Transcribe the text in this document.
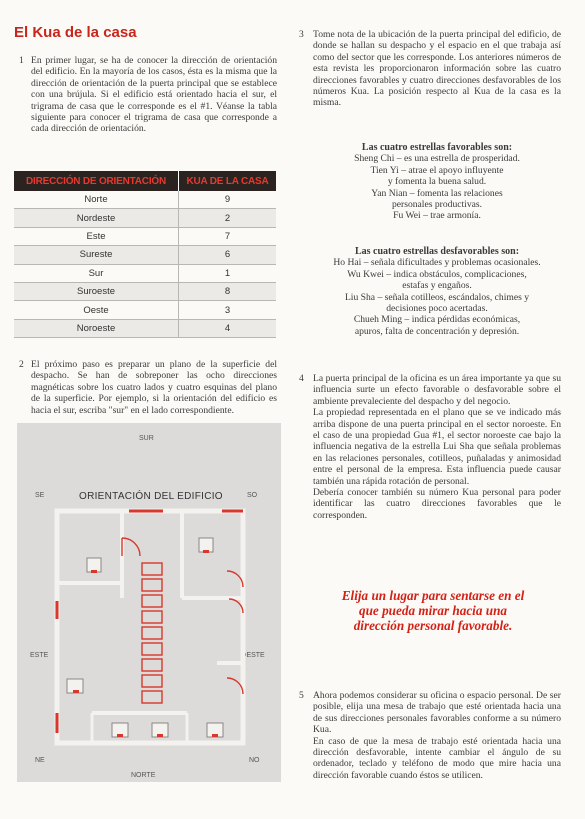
El Kua de la casa
1 En primer lugar, se ha de conocer la dirección de orientación del edificio. En la mayoría de los casos, ésta es la misma que la dirección de orientación de la puerta principal que se establece con una brújula. Si el edificio está orientado hacia el sur, el trigrama de casa que le corresponde es el #1. Véanse la tabla siguiente para conocer el trigrama de casa que corresponde a cada dirección de orientación.

DIRECCIÓN DE ORIENTACIÓN	KUA DE LA CASA
Norte	9
Nordeste	2
Este	7
Sureste	6
Sur	1
Suroeste	8
Oeste	3
Noroeste	4
2 El próximo paso es preparar un plano de la superficie del despacho. Se han de sobreponer las ocho direcciones magnéticas sobre los cuatro lados y cuatro esquinas del plano de la superficie. Por ejemplo, si la orientación del edificio es hacia el sur, escriba "sur" en el lado correspondiente.

SUR
SE	SO
ESTE	OESTE
NE	NO
NORTE
ORIENTACIÓN DEL EDIFICIO
3 Tome nota de la ubicación de la puerta principal del edificio, de donde se hallan su despacho y el espacio en el que trabaja así como del sector que les corresponde. Los anteriores números de esta revista les proporcionaron información sobre las cuatro direcciones favorables y cuatro direcciones desfavorables de los números Kua. La posición respecto al Kua de la casa es la misma.

Las cuatro estrellas favorables son:
Sheng Chi – es una estrella de prosperidad.
Tien Yi – atrae el apoyo influyente
y fomenta la buena salud.
Yan Nian – fomenta las relaciones
personales productivas.
Fu Wei – trae armonía.
Las cuatro estrellas desfavorables son:
Ho Hai – señala dificultades y problemas ocasionales.
Wu Kwei – indica obstáculos, complicaciones,
estafas y engaños.
Liu Sha – señala cotilleos, escándalos, chimes y
decisiones poco acertadas.
Chueh Ming – indica pérdidas económicas,
apuros, falta de concentración y depresión.
4 La puerta principal de la oficina es un área importante ya que su influencia surte un efecto favorable o desfavorable sobre el ambiente prevaleciente del despacho y del negocio.

La propiedad representada en el plano que se ve indicado más arriba dispone de una puerta principal en el sector noroeste. En el caso de una propiedad Gua #1, el sector noroeste cae bajo la influencia negativa de la estrella Lui Sha que señala problemas en las relaciones personales, cotilleos, puñaladas y animosidad entre el personal de la empresa. Esta influencia puede causar también una rápida rotación de personal.

Debería conocer también su número Kua personal para poder identificar las cuatro direcciones favorables que le corresponden.

Elija un lugar para sentarse en el que pueda mirar hacia una dirección personal favorable.
5 Ahora podemos considerar su oficina o espacio personal. De ser posible, elija una mesa de trabajo que esté orientada hacia una de sus direcciones personales favorables conforme a su número Kua.

En caso de que la mesa de trabajo esté orientada hacia una dirección desfavorable, intente cambiar el ángulo de su ordenador, teclado y teléfono de modo que mire hacia una dirección favorable cuando éstos se utilicen.
